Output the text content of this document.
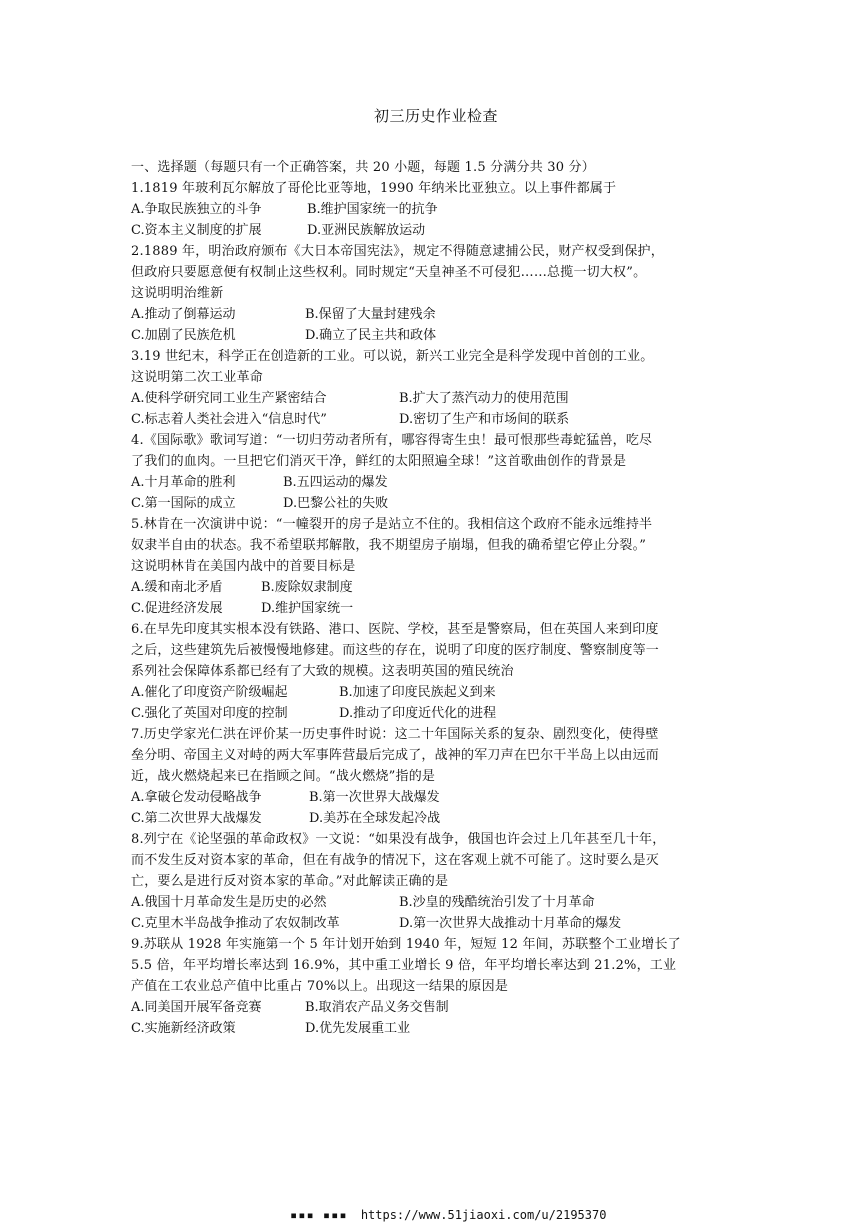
初三历史作业检查
一、选择题（每题只有一个正确答案，共 20 小题，每题 1.5 分满分共 30 分）
1.1819 年玻利瓦尔解放了哥伦比亚等地，1990 年纳米比亚独立。以上事件都属于
A.争取民族独立的斗争	B.维护国家统一的抗争
C.资本主义制度的扩展	D.亚洲民族解放运动
2.1889 年，明治政府颁布《大日本帝国宪法》，规定不得随意逮捕公民，财产权受到保护，
但政府只要愿意便有权制止这些权利。同时规定“天皇神圣不可侵犯……总揽一切大权”。
这说明明治维新
A.推动了倒幕运动	B.保留了大量封建残余
C.加剧了民族危机	D.确立了民主共和政体
3.19 世纪末，科学正在创造新的工业。可以说，新兴工业完全是科学发现中首创的工业。
这说明第二次工业革命
A.使科学研究同工业生产紧密结合	B.扩大了蒸汽动力的使用范围
C.标志着人类社会进入“信息时代”	D.密切了生产和市场间的联系
4.《国际歌》歌词写道：“一切归劳动者所有，哪容得寄生虫！最可恨那些毒蛇猛兽，吃尽
了我们的血肉。一旦把它们消灭干净，鲜红的太阳照遍全球！”这首歌曲创作的背景是
A.十月革命的胜利	B.五四运动的爆发
C.第一国际的成立	D.巴黎公社的失败
5.林肯在一次演讲中说：“一幢裂开的房子是站立不住的。我相信这个政府不能永远维持半
奴隶半自由的状态。我不希望联邦解散，我不期望房子崩塌，但我的确希望它停止分裂。”
这说明林肯在美国内战中的首要目标是
A.缓和南北矛盾	B.废除奴隶制度
C.促进经济发展	D.维护国家统一
6.在早先印度其实根本没有铁路、港口、医院、学校，甚至是警察局，但在英国人来到印度
之后，这些建筑先后被慢慢地修建。而这些的存在，说明了印度的医疗制度、警察制度等一
系列社会保障体系都已经有了大致的规模。这表明英国的殖民统治
A.催化了印度资产阶级崛起	B.加速了印度民族起义到来
C.强化了英国对印度的控制	D.推动了印度近代化的进程
7.历史学家光仁洪在评价某一历史事件时说：这二十年国际关系的复杂、剧烈变化，使得壁
垒分明、帝国主义对峙的两大军事阵营最后完成了，战神的军刀声在巴尔干半岛上以由远而
近，战火燃烧起来已在指顾之间。“战火燃烧”指的是
A.拿破仑发动侵略战争	B.第一次世界大战爆发
C.第二次世界大战爆发	D.美苏在全球发起冷战
8.列宁在《论坚强的革命政权》一文说：“如果没有战争，俄国也许会过上几年甚至几十年，
而不发生反对资本家的革命，但在有战争的情况下，这在客观上就不可能了。这时要么是灭
亡，要么是进行反对资本家的革命。”对此解读正确的是
A.俄国十月革命发生是历史的必然	B.沙皇的残酷统治引发了十月革命
C.克里木半岛战争推动了农奴制改革	D.第一次世界大战推动十月革命的爆发
9.苏联从 1928 年实施第一个 5 年计划开始到 1940 年，短短 12 年间，苏联整个工业增长了
5.5 倍，年平均增长率达到 16.9%，其中重工业增长 9 倍，年平均增长率达到 21.2%，工业
产值在工农业总产值中比重占 70%以上。出现这一结果的原因是
A.同美国开展军备竞赛	B.取消农产品义务交售制
C.实施新经济政策	D.优先发展重工业
▪▪▪ ▪▪▪ https://www.51jiaoxi.com/u/2195370
